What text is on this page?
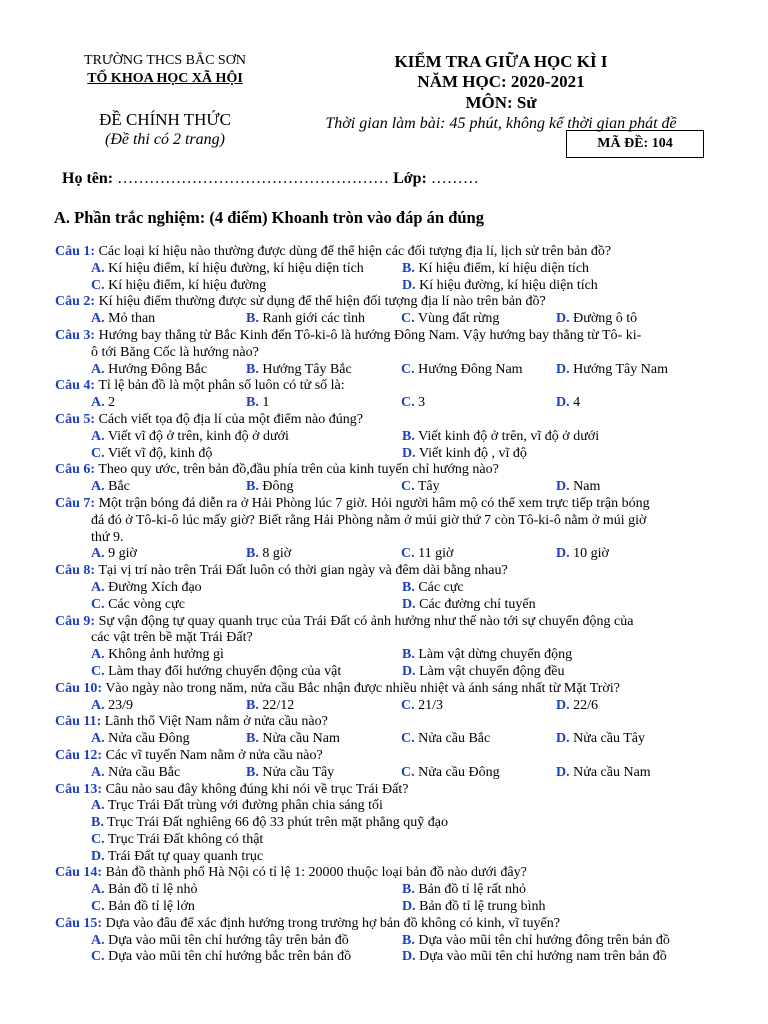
TRƯỜNG THCS BẮC SƠN
TỔ KHOA HỌC XÃ HỘI
ĐỀ CHÍNH THỨC
(Đề thi có 2 trang)
KIỂM TRA GIỮA HỌC KÌ I
NĂM HỌC: 2020-2021
MÔN: Sử
Thời gian làm bài: 45 phút, không kể thời gian phát đề
MÃ ĐỀ: 104
Họ tên: …………………………………………… Lớp: ………
A. Phần trắc nghiệm: (4 điểm) Khoanh tròn vào đáp án đúng
Câu 1: Các loại kí hiệu nào thường được dùng để thể hiện các đối tượng địa lí, lịch sử trên bản đồ?
A. Kí hiệu điểm, kí hiệu đường, kí hiệu diện tích	B. Kí hiệu điểm, kí hiệu diện tích
C. Kí hiệu điểm, kí hiệu đường	D. Kí hiệu đường, kí hiệu diện tích
Câu 2: Kí hiệu điểm thường được sử dụng để thể hiện đối tượng địa lí nào trên bản đồ?
A. Mỏ than	B. Ranh giới các tỉnh	C. Vùng đất rừng	D. Đường ô tô
Câu 3: Hướng bay thẳng từ Bắc Kinh đến Tô-ki-ô là hướng Đông Nam. Vậy hướng bay thẳng từ Tô- ki-
ô tới Băng Cốc là hướng nào?
A. Hướng Đông Bắc	B. Hướng Tây Bắc	C. Hướng Đông Nam	D. Hướng Tây Nam
Câu 4: Tỉ lệ bản đồ là một phân số luôn có tử số là:
A. 2	B. 1	C. 3	D. 4
Câu 5: Cách viết tọa độ địa lí của một điểm nào đúng?
A. Viết vĩ độ ở trên, kinh độ ở dưới	B. Viết kinh độ ở trên, vĩ độ ở dưới
C. Viết vĩ độ, kinh độ	D. Viết kinh độ , vĩ độ
Câu 6: Theo quy ước, trên bản đồ,đầu phía trên của kinh tuyến chỉ hướng nào?
A. Bắc	B. Đông	C. Tây	D. Nam
Câu 7: Một trận bóng đá diễn ra ở Hải Phòng lúc 7 giờ. Hỏi người hâm mộ có thể xem trực tiếp trận bóng
đá đó ở Tô-ki-ô lúc mấy giờ? Biết rằng Hải Phòng nằm ở múi giờ thứ 7 còn Tô-ki-ô nằm ở múi giờ
thứ 9.
A. 9 giờ	B. 8 giờ	C. 11 giờ	D. 10 giờ
Câu 8: Tại vị trí nào trên Trái Đất luôn có thời gian ngày và đêm dài bằng nhau?
A. Đường Xích đạo	B. Các cực
C. Các vòng cực	D. Các đường chí tuyến
Câu 9: Sự vận động tự quay quanh trục của Trái Đất có ảnh hưởng như thế nào tới sự chuyển động của
các vật trên bề mặt Trái Đất?
A. Không ảnh hưởng gì	B. Làm vật dừng chuyển động
C. Làm thay đổi hướng chuyển động của vật	D. Làm vật chuyển động đều
Câu 10: Vào ngày nào trong năm, nửa cầu Bắc nhận được nhiều nhiệt và ánh sáng nhất từ Mặt Trời?
A. 23/9	B. 22/12	C. 21/3	D. 22/6
Câu 11: Lãnh thổ Việt Nam nằm ở nửa cầu nào?
A. Nửa cầu Đông	B. Nửa cầu Nam	C. Nửa cầu Bắc	D. Nửa cầu Tây
Câu 12: Các vĩ tuyến Nam nằm ở nửa cầu nào?
A. Nửa cầu Bắc	B. Nửa cầu Tây	C. Nửa cầu Đông	D. Nửa cầu Nam
Câu 13: Câu nào sau đây không đúng khi nói về trục Trái Đất?
A. Trục Trái Đất trùng với đường phân chia sáng tối
B. Trục Trái Đất nghiêng 66 độ 33 phút trên mặt phẳng quỹ đạo
C. Trục Trái Đất không có thật
D. Trái Đất tự quay quanh trục
Câu 14: Bản đồ thành phố Hà Nội có tỉ lệ 1: 20000 thuộc loại bản đồ nào dưới đây?
A. Bản đồ tỉ lệ nhỏ	B. Bản đồ tỉ lệ rất nhỏ
C. Bản đồ tỉ lệ lớn	D. Bản đồ tỉ lệ trung bình
Câu 15: Dựa vào đâu để xác định hướng trong trường hợ bản đồ không có kinh, vĩ tuyến?
A. Dựa vào mũi tên chỉ hướng tây trên bản đồ	B. Dựa vào mũi tên chỉ hướng đông trên bản đồ
C. Dựa vào mũi tên chỉ hướng bắc trên bản đồ	D. Dựa vào mũi tên chỉ hướng nam trên bản đồ
